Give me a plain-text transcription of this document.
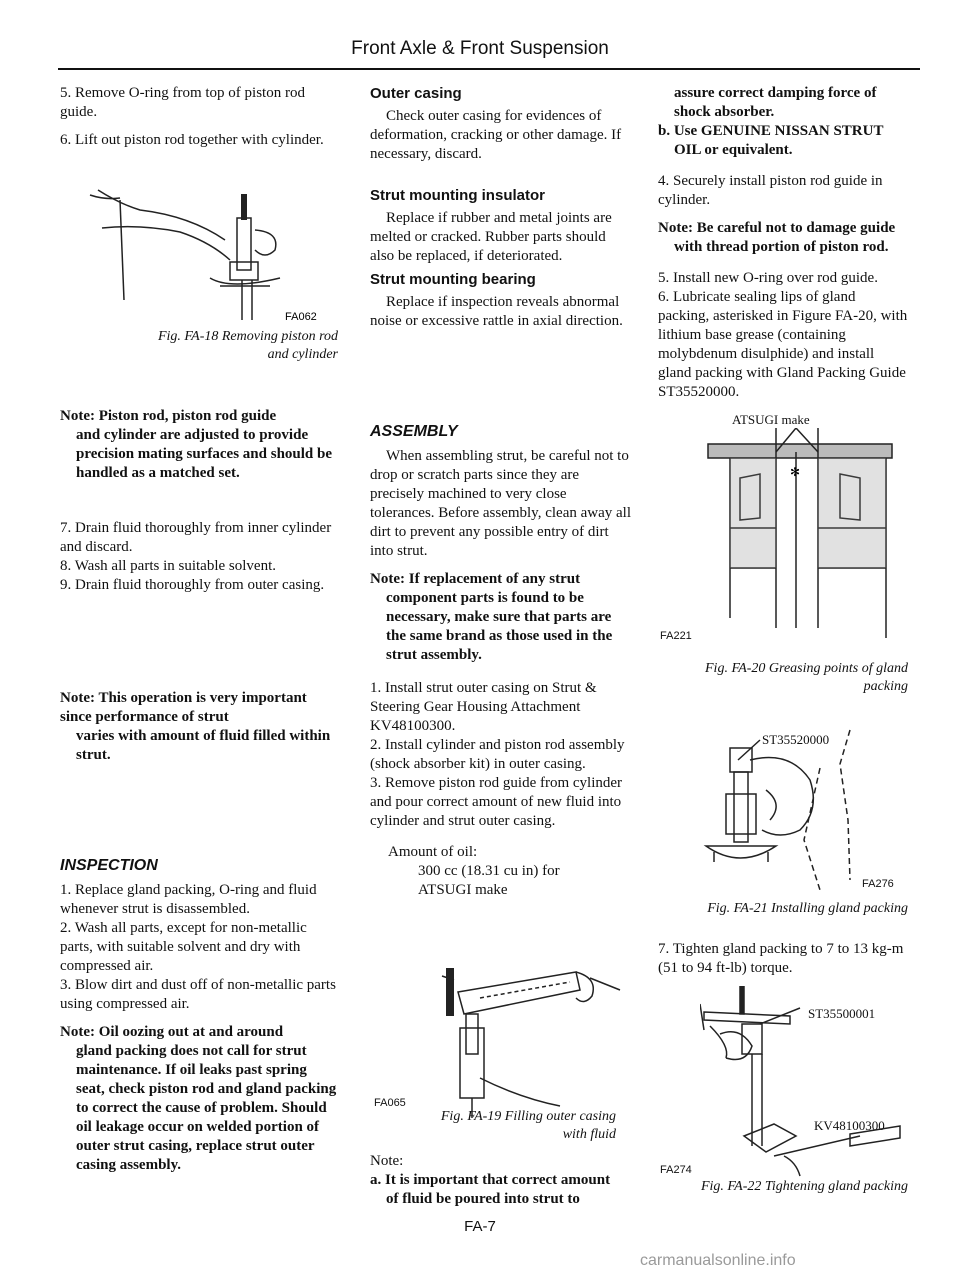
Front Axle & Front Suspension

5. Remove O-ring from top of piston rod guide.

6. Lift out piston rod together with cylinder.

FA062
Fig. FA-18 Removing piston rod
and cylinder

Note: Piston rod, piston rod guide
and cylinder are adjusted to provide precision mating surfaces and should be handled as a matched set.

7. Drain fluid thoroughly from inner cylinder and discard.

8. Wash all parts in suitable solvent.

9. Drain fluid thoroughly from outer casing.

Note: This operation is very important since performance of strut
varies with amount of fluid filled within strut.

INSPECTION

1. Replace gland packing, O-ring and fluid whenever strut is disassembled.

2. Wash all parts, except for non-metallic parts, with suitable solvent and dry with compressed air.

3. Blow dirt and dust off of non-metallic parts using compressed air.

Note: Oil oozing out at and around
gland packing does not call for strut maintenance. If oil leaks past spring seat, check piston rod and gland packing to correct the cause of problem. Should oil leakage occur on welded portion of outer strut casing, replace strut outer casing assembly.

Outer casing

Check outer casing for evidences of deformation, cracking or other damage. If necessary, discard.

Strut mounting insulator

Replace if rubber and metal joints are melted or cracked. Rubber parts should also be replaced, if deteriorated.

Strut mounting bearing

Replace if inspection reveals abnormal noise or excessive rattle in axial direction.

ASSEMBLY

When assembling strut, be careful not to drop or scratch parts since they are precisely machined to very close tolerances. Before assembly, clean away all dirt to prevent any possible entry of dirt into strut.

Note: If replacement of any strut
component parts is found to be necessary, make sure that parts are the same brand as those used in the strut assembly.

1. Install strut outer casing on Strut & Steering Gear Housing Attachment KV48100300.

2. Install cylinder and piston rod assembly (shock absorber kit) in outer casing.

3. Remove piston rod guide from cylinder and pour correct amount of new fluid into cylinder and strut outer casing.

Amount of oil:
300 cc (18.31 cu in) for
ATSUGI make

FA065
Fig. FA-19 Filling outer casing
with fluid

Note:

a. It is important that correct amount
of fluid be poured into strut to

assure correct damping force of shock absorber.

b. Use GENUINE NISSAN STRUT
OIL or equivalent.

4. Securely install piston rod guide in cylinder.

Note: Be careful not to damage guide
with thread portion of piston rod.

5. Install new O-ring over rod guide.

6. Lubricate sealing lips of gland packing, asterisked in Figure FA-20, with lithium base grease (containing molybdenum disulphide) and install gland packing with Gland Packing Guide ST35520000.

ATSUGI make
✻
FA221
Fig. FA-20 Greasing points of gland
packing
ST35520000
FA276
Fig. FA-21 Installing gland packing

7. Tighten gland packing to 7 to 13 kg-m (51 to 94 ft-lb) torque.

ST35500001
KV48100300
FA274
Fig. FA-22 Tightening gland packing
FA-7
carmanualsonline.info
